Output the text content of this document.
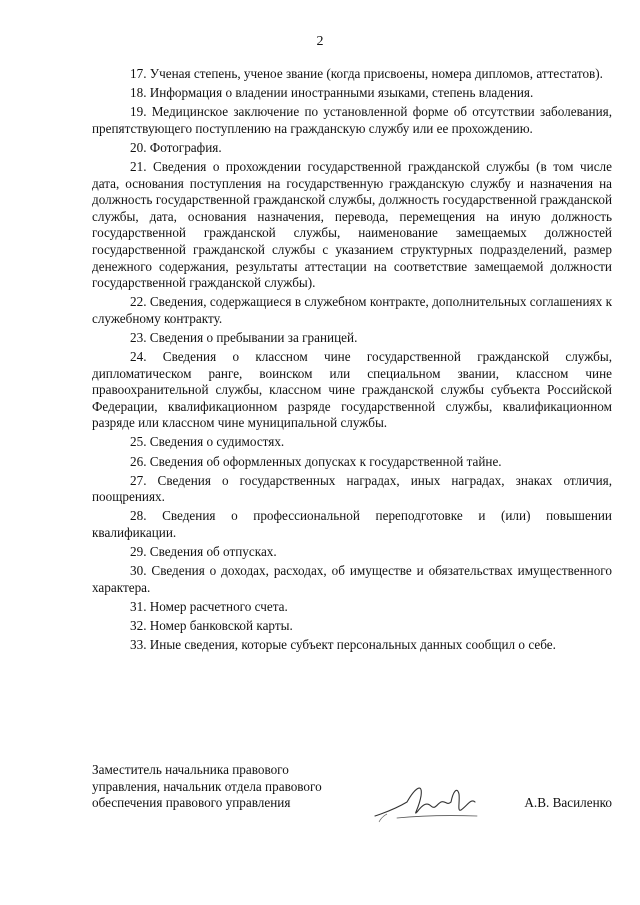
2

17. Ученая степень, ученое звание (когда присвоены, номера дипломов, аттестатов).

18. Информация о владении иностранными языками, степень владения.

19. Медицинское заключение по установленной форме об отсутствии заболевания, препятствующего поступлению на гражданскую службу или ее прохождению.

20. Фотография.

21. Сведения о прохождении государственной гражданской службы (в том числе дата, основания поступления на государственную гражданскую службу и назначения на должность государственной гражданской службы, должность государственной гражданской службы, дата, основания назначения, перевода, перемещения на иную должность государственной гражданской службы, наименование замещаемых должностей государственной гражданской службы с указанием структурных подразделений, размер денежного содержания, результаты аттестации на соответствие замещаемой должности государственной гражданской службы).

22. Сведения, содержащиеся в служебном контракте, дополнительных соглашениях к служебному контракту.

23. Сведения о пребывании за границей.

24. Сведения о классном чине государственной гражданской службы, дипломатическом ранге, воинском или специальном звании, классном чине правоохранительной службы, классном чине гражданской службы субъекта Российской Федерации, квалификационном разряде государственной службы, квалификационном разряде или классном чине муниципальной службы.

25. Сведения о судимостях.

26. Сведения об оформленных допусках к государственной тайне.

27. Сведения о государственных наградах, иных наградах, знаках отличия, поощрениях.

28. Сведения о профессиональной переподготовке и (или) повышении квалификации.

29. Сведения об отпусках.

30. Сведения о доходах, расходах, об имуществе и обязательствах имущественного характера.

31. Номер расчетного счета.

32. Номер банковской карты.

33. Иные сведения, которые субъект персональных данных сообщил о себе.

Заместитель начальника правового
управления, начальник отдела правового
обеспечения правового управления	А.В. Василенко
